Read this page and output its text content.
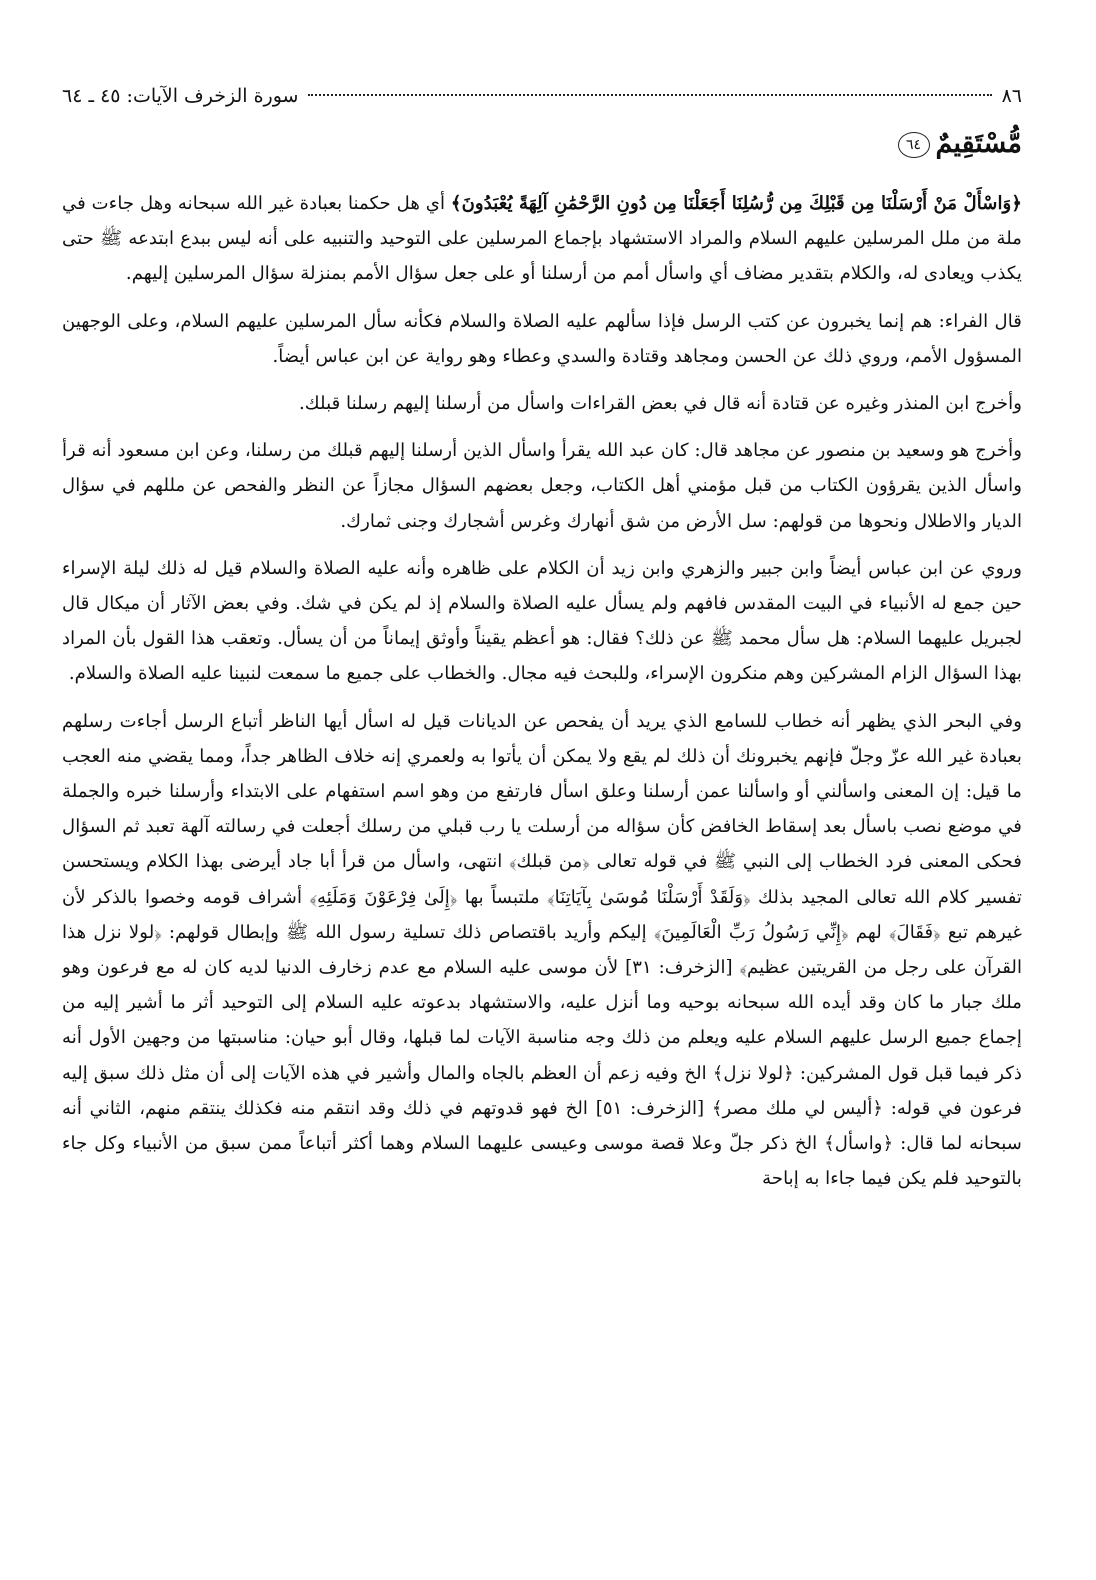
٨٦
سورة الزخرف الآيات: ٤٥ ـ ٦٤
مُّسْتَقِيمٌ٦٤

﴿وَاسْأَلْ مَنْ أَرْسَلْنَا مِن قَبْلِكَ مِن رُّسُلِنَا أَجَعَلْنَا مِن دُونِ الرَّحْمَٰنِ آلِهَةً يُعْبَدُونَ﴾ أي هل حكمنا بعبادة غير الله سبحانه وهل جاءت في ملة من ملل المرسلين عليهم السلام والمراد الاستشهاد بإجماع المرسلين على التوحيد والتنبيه على أنه ليس ببدع ابتدعه ﷺ حتى يكذب ويعادى له، والكلام بتقدير مضاف أي واسأل أمم من أرسلنا أو على جعل سؤال الأمم بمنزلة سؤال المرسلين إليهم.

قال الفراء: هم إنما يخبرون عن كتب الرسل فإذا سألهم عليه الصلاة والسلام فكأنه سأل المرسلين عليهم السلام، وعلى الوجهين المسؤول الأمم، وروي ذلك عن الحسن ومجاهد وقتادة والسدي وعطاء وهو رواية عن ابن عباس أيضاً.

وأخرج ابن المنذر وغيره عن قتادة أنه قال في بعض القراءات واسأل من أرسلنا إليهم رسلنا قبلك.

وأخرج هو وسعيد بن منصور عن مجاهد قال: كان عبد الله يقرأ واسأل الذين أرسلنا إليهم قبلك من رسلنا، وعن ابن مسعود أنه قرأ واسأل الذين يقرؤون الكتاب من قبل مؤمني أهل الكتاب، وجعل بعضهم السؤال مجازاً عن النظر والفحص عن مللهم في سؤال الديار والاطلال ونحوها من قولهم: سل الأرض من شق أنهارك وغرس أشجارك وجنى ثمارك.

وروي عن ابن عباس أيضاً وابن جبير والزهري وابن زيد أن الكلام على ظاهره وأنه عليه الصلاة والسلام قيل له ذلك ليلة الإسراء حين جمع له الأنبياء في البيت المقدس فافهم ولم يسأل عليه الصلاة والسلام إذ لم يكن في شك. وفي بعض الآثار أن ميكال قال لجبريل عليهما السلام: هل سأل محمد ﷺ عن ذلك؟ فقال: هو أعظم يقيناً وأوثق إيماناً من أن يسأل. وتعقب هذا القول بأن المراد بهذا السؤال الزام المشركين وهم منكرون الإسراء، وللبحث فيه مجال. والخطاب على جميع ما سمعت لنبينا عليه الصلاة والسلام.

وفي البحر الذي يظهر أنه خطاب للسامع الذي يريد أن يفحص عن الديانات قيل له اسأل أيها الناظر أتباع الرسل أجاءت رسلهم بعبادة غير الله عزّ وجلّ فإنهم يخبرونك أن ذلك لم يقع ولا يمكن أن يأتوا به ولعمري إنه خلاف الظاهر جداً، ومما يقضي منه العجب ما قيل: إن المعنى واسألني أو واسألنا عمن أرسلنا وعلق اسأل فارتفع من وهو اسم استفهام على الابتداء وأرسلنا خبره والجملة في موضع نصب باسأل بعد إسقاط الخافض كأن سؤاله من أرسلت يا رب قبلي من رسلك أجعلت في رسالته آلهة تعبد ثم السؤال فحكى المعنى فرد الخطاب إلى النبي ﷺ في قوله تعالى ﴿من قبلك﴾ انتهى، واسأل من قرأ أبا جاد أيرضى بهذا الكلام ويستحسن تفسير كلام الله تعالى المجيد بذلك ﴿وَلَقَدْ أَرْسَلْنَا مُوسَىٰ بِآيَاتِنَا﴾ ملتبساً بها ﴿إِلَىٰ فِرْعَوْنَ وَمَلَئِهِ﴾ أشراف قومه وخصوا بالذكر لأن غيرهم تبع ﴿فَقَالَ﴾ لهم ﴿إِنِّي رَسُولُ رَبِّ الْعَالَمِينَ﴾ إليكم وأريد باقتصاص ذلك تسلية رسول الله ﷺ وإبطال قولهم: ﴿لولا نزل هذا القرآن على رجل من القريتين عظيم﴾ [الزخرف: ٣١] لأن موسى عليه السلام مع عدم زخارف الدنيا لديه كان له مع فرعون وهو ملك جبار ما كان وقد أيده الله سبحانه بوحيه وما أنزل عليه، والاستشهاد بدعوته عليه السلام إلى التوحيد أثر ما أشير إليه من إجماع جميع الرسل عليهم السلام عليه ويعلم من ذلك وجه مناسبة الآيات لما قبلها، وقال أبو حيان: مناسبتها من وجهين الأول أنه ذكر فيما قبل قول المشركين: ﴿لولا نزل﴾ الخ وفيه زعم أن العظم بالجاه والمال وأشير في هذه الآيات إلى أن مثل ذلك سبق إليه فرعون في قوله: ﴿أليس لي ملك مصر﴾ [الزخرف: ٥١] الخ فهو قدوتهم في ذلك وقد انتقم منه فكذلك ينتقم منهم، الثاني أنه سبحانه لما قال: ﴿واسأل﴾ الخ ذكر جلّ وعلا قصة موسى وعيسى عليهما السلام وهما أكثر أتباعاً ممن سبق من الأنبياء وكل جاء بالتوحيد فلم يكن فيما جاءا به إباحة
